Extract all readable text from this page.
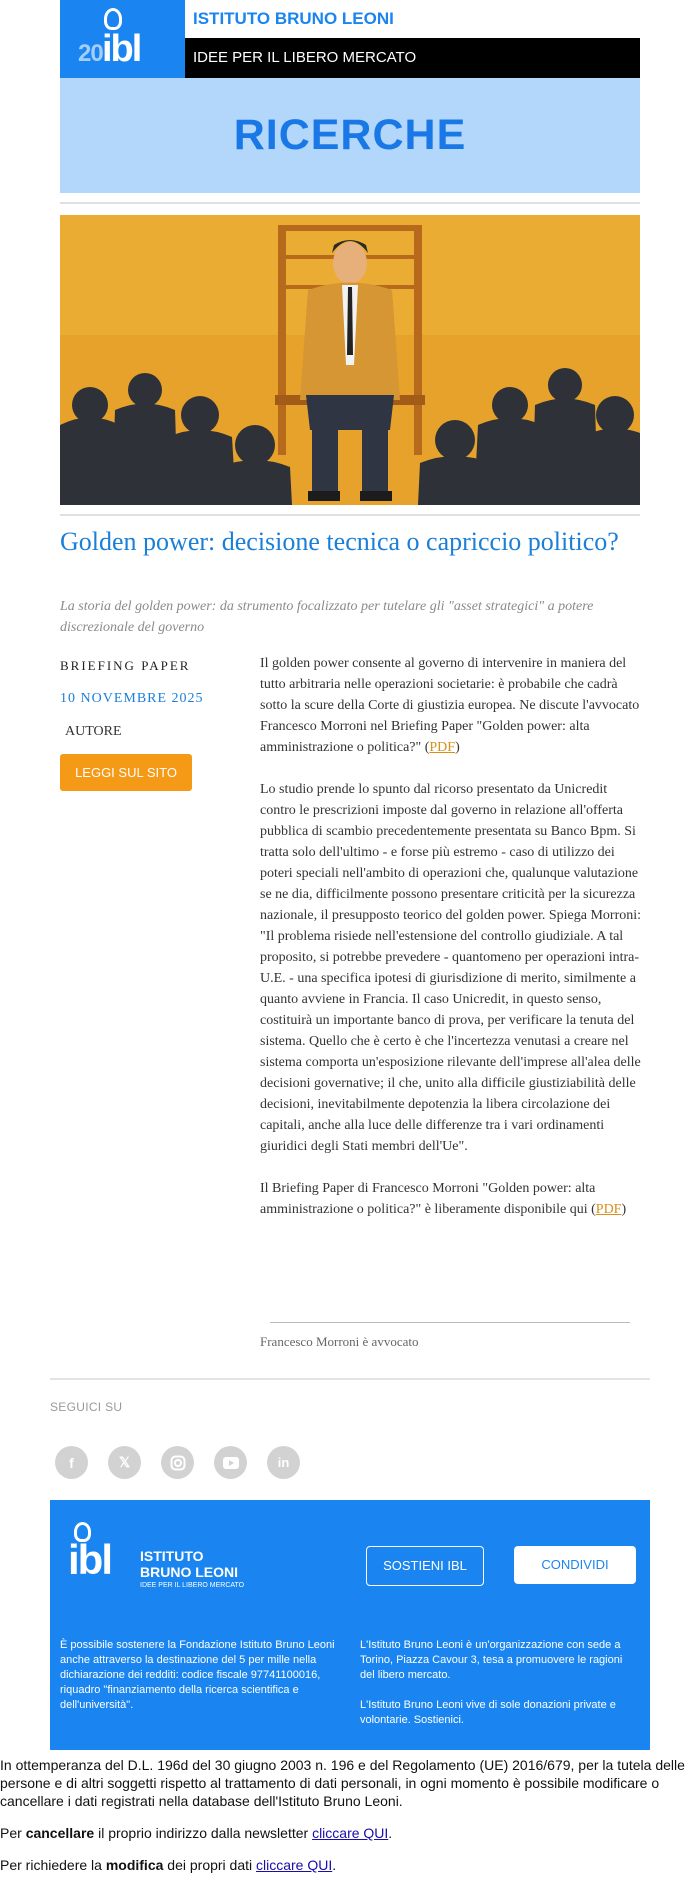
20 ibl
ISTITUTO BRUNO LEONI
IDEE PER IL LIBERO MERCATO
RICERCHE
Golden power: decisione tecnica o capriccio politico?
La storia del golden power: da strumento focalizzato per tutelare gli "asset strategici" a potere discrezionale del governo
BRIEFING PAPER
10 NOVEMBRE 2025
AUTORE
LEGGI SUL SITO

Il golden power consente al governo di intervenire in maniera del tutto arbitraria nelle operazioni societarie: è probabile che cadrà sotto la scure della Corte di giustizia europea. Ne discute l'avvocato Francesco Morroni nel Briefing Paper "Golden power: alta amministrazione o politica?" (PDF)

Lo studio prende lo spunto dal ricorso presentato da Unicredit contro le prescrizioni imposte dal governo in relazione all'offerta pubblica di scambio precedentemente presentata su Banco Bpm. Si tratta solo dell'ultimo - e forse più estremo - caso di utilizzo dei poteri speciali nell'ambito di operazioni che, qualunque valutazione se ne dia, difficilmente possono presentare criticità per la sicurezza nazionale, il presupposto teorico del golden power. Spiega Morroni: "Il problema risiede nell'estensione del controllo giudiziale. A tal proposito, si potrebbe prevedere - quantomeno per operazioni intra-U.E. - una specifica ipotesi di giurisdizione di merito, similmente a quanto avviene in Francia. Il caso Unicredit, in questo senso, costituirà un importante banco di prova, per verificare la tenuta del sistema. Quello che è certo è che l'incertezza venutasi a creare nel sistema comporta un'esposizione rilevante dell'imprese all'alea delle decisioni governative; il che, unito alla difficile giustiziabilità delle decisioni, inevitabilmente depotenzia la libera circolazione dei capitali, anche alla luce delle differenze tra i vari ordinamenti giuridici degli Stati membri dell'Ue".

Il Briefing Paper di Francesco Morroni "Golden power: alta amministrazione o politica?" è liberamente disponibile qui (PDF)

Francesco Morroni è avvocato
SEGUICI SU
f	𝕏	in
ibl ISTITUTO
BRUNO LEONI
IDEE PER IL LIBERO MERCATO
SOSTIENI IBL	CONDIVIDI
È possibile sostenere la Fondazione Istituto Bruno Leoni anche attraverso la destinazione del 5 per mille nella dichiarazione dei redditi: codice fiscale 97741100016, riquadro "finanziamento della ricerca scientifica e dell'università".

L'Istituto Bruno Leoni è un'organizzazione con sede a Torino, Piazza Cavour 3, tesa a promuovere le ragioni del libero mercato.

L'Istituto Bruno Leoni vive di sole donazioni private e volontarie. Sostienici.

In ottemperanza del D.L. 196d del 30 giugno 2003 n. 196 e del Regolamento (UE) 2016/679, per la tutela delle persone e di altri soggetti rispetto al trattamento di dati personali, in ogni momento è possibile modificare o cancellare i dati registrati nella database dell'Istituto Bruno Leoni.

Per cancellare il proprio indirizzo dalla newsletter cliccare QUI.

Per richiedere la modifica dei propri dati cliccare QUI.
